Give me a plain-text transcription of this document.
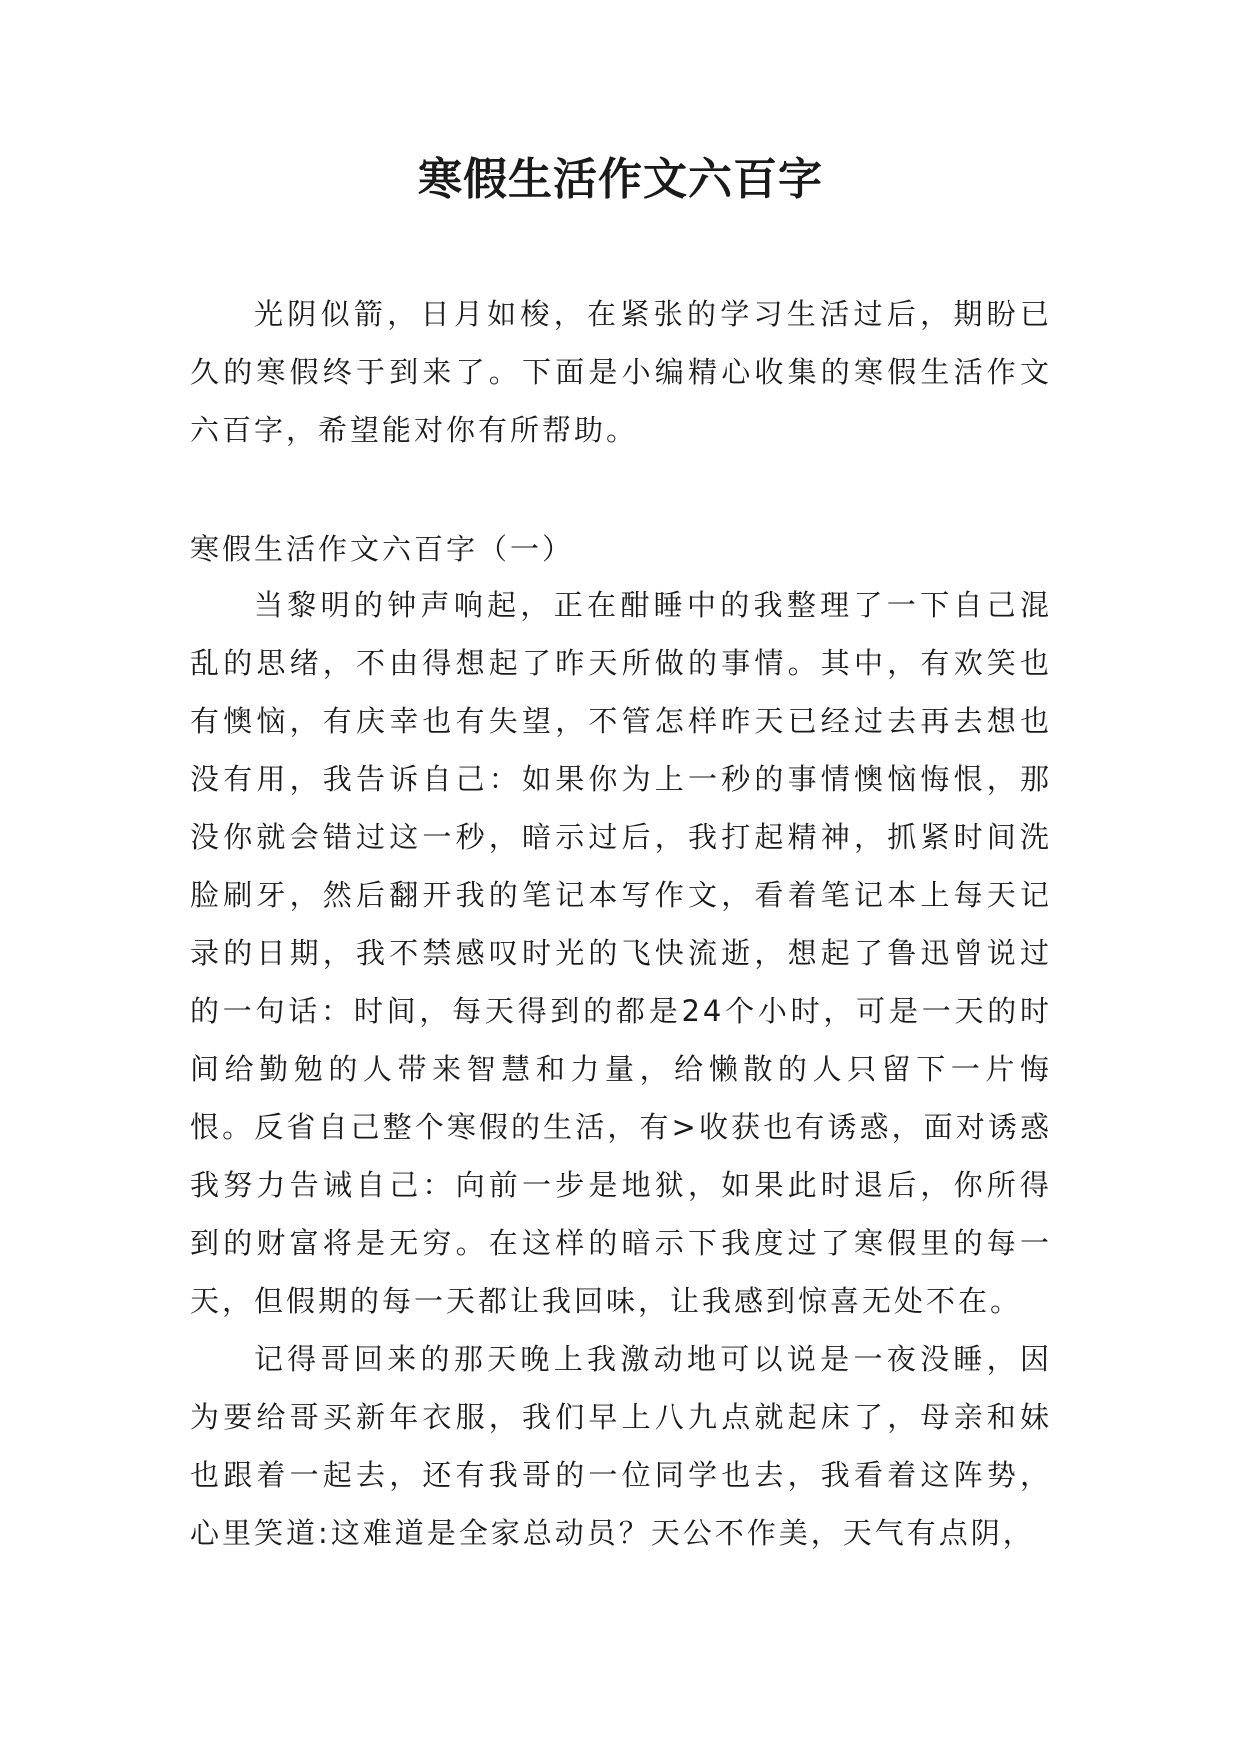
寒假生活作文六百字
光阴似箭，日月如梭，在紧张的学习生活过后，期盼已久的寒假终于到来了。下面是小编精心收集的寒假生活作文六百字，希望能对你有所帮助。
寒假生活作文六百字（一）

当黎明的钟声响起，正在酣睡中的我整理了一下自己混乱的思绪，不由得想起了昨天所做的事情。其中，有欢笑也有懊恼，有庆幸也有失望，不管怎样昨天已经过去再去想也没有用，我告诉自己：如果你为上一秒的事情懊恼悔恨，那没你就会错过这一秒，暗示过后，我打起精神，抓紧时间洗脸刷牙，然后翻开我的笔记本写作文，看着笔记本上每天记录的日期，我不禁感叹时光的飞快流逝，想起了鲁迅曾说过的一句话：时间，每天得到的都是24个小时，可是一天的时间给勤勉的人带来智慧和力量，给懒散的人只留下一片悔恨。反省自己整个寒假的生活，有>收获也有诱惑，面对诱惑我努力告诫自己：向前一步是地狱，如果此时退后，你所得到的财富将是无穷。在这样的暗示下我度过了寒假里的每一天，但假期的每一天都让我回味，让我感到惊喜无处不在。

记得哥回来的那天晚上我激动地可以说是一夜没睡，因为要给哥买新年衣服，我们早上八九点就起床了，母亲和妹也跟着一起去，还有我哥的一位同学也去，我看着这阵势，心里笑道:这难道是全家总动员？天公不作美，天气有点阴，
